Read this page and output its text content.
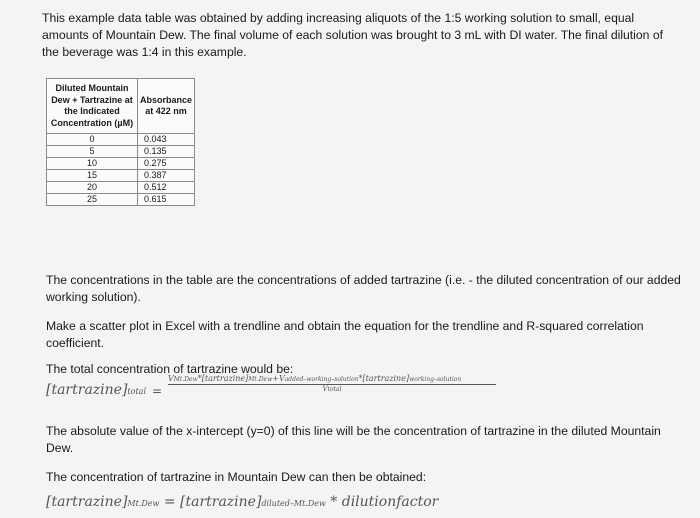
This example data table was obtained by adding increasing aliquots of the 1:5 working solution to small, equal amounts of Mountain Dew. The final volume of each solution was brought to 3 mL with DI water. The final dilution of the beverage was 1:4 in this example.
Diluted Mountain Dew + Tartrazine at the Indicated Concentration (µM)	Absorbance at 422 nm
0	0.043
5	0.135
10	0.275
15	0.387
20	0.512
25	0.615
The concentrations in the table are the concentrations of added tartrazine (i.e. - the diluted concentration of our added working solution).
Make a scatter plot in Excel with a trendline and obtain the equation for the trendline and R-squared correlation coefficient.
The total concentration of tartrazine would be:
[tartrazine]total =
VMt.Dew*[tartrazine]Mt.Dew+Vadded–working–solution*[tartrazine]working–solution
Vtotal
The absolute value of the x-intercept (y=0) of this line will be the concentration of tartrazine in the diluted Mountain Dew.
The concentration of tartrazine in Mountain Dew can then be obtained:
[tartrazine]Mt.Dew = [tartrazine]diluted–Mt.Dew * dilutionfactor
